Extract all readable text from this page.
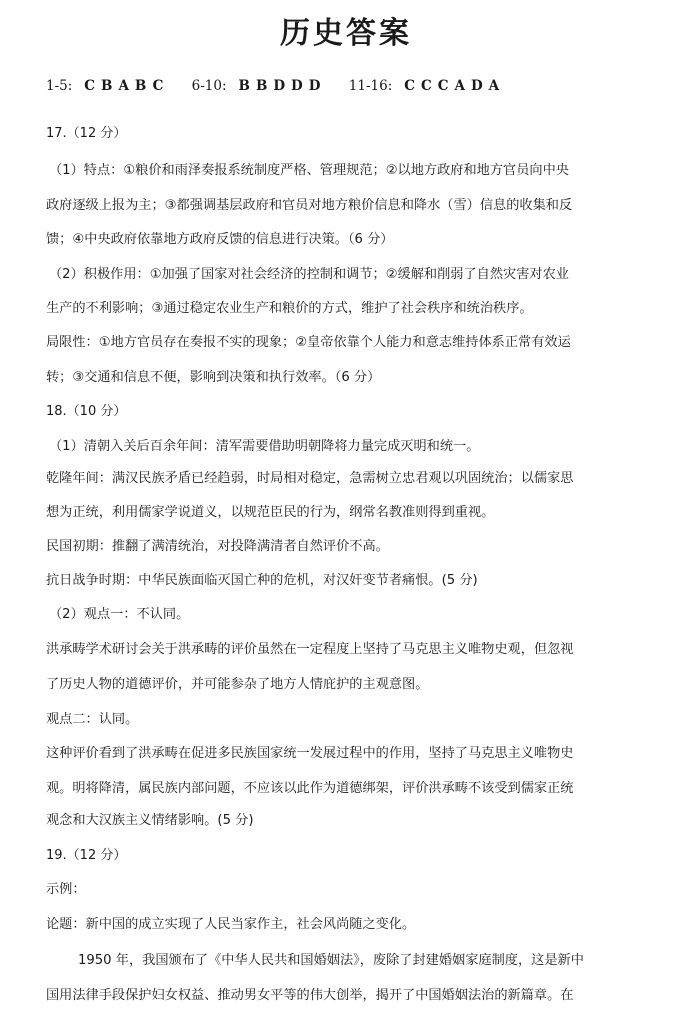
历史答案
1-5: CBABC 6-10: BBDDD 11-16: CCCADA
17.（12 分）
（1）特点：①粮价和雨泽奏报系统制度严格、管理规范；②以地方政府和地方官员向中央
政府逐级上报为主；③都强调基层政府和官员对地方粮价信息和降水（雪）信息的收集和反
馈；④中央政府依靠地方政府反馈的信息进行决策。（6 分）
（2）积极作用：①加强了国家对社会经济的控制和调节；②缓解和削弱了自然灾害对农业
生产的不利影响；③通过稳定农业生产和粮价的方式，维护了社会秩序和统治秩序。
局限性：①地方官员存在奏报不实的现象；②皇帝依靠个人能力和意志维持体系正常有效运
转；③交通和信息不便，影响到决策和执行效率。（6 分）
18.（10 分）
（1）清朝入关后百余年间：清军需要借助明朝降将力量完成灭明和统一。
乾隆年间：满汉民族矛盾已经趋弱，时局相对稳定，急需树立忠君观以巩固统治；以儒家思
想为正统，利用儒家学说道义，以规范臣民的行为，纲常名教准则得到重视。
民国初期：推翻了满清统治，对投降满清者自然评价不高。
抗日战争时期：中华民族面临灭国亡种的危机，对汉奸变节者痛恨。(5 分)
（2）观点一：不认同。
洪承畴学术研讨会关于洪承畴的评价虽然在一定程度上坚持了马克思主义唯物史观，但忽视
了历史人物的道德评价，并可能参杂了地方人情庇护的主观意图。
观点二：认同。
这种评价看到了洪承畴在促进多民族国家统一发展过程中的作用，坚持了马克思主义唯物史
观。明将降清，属民族内部问题，不应该以此作为道德绑架，评价洪承畴不该受到儒家正统
观念和大汉族主义情绪影响。(5 分)
19.（12 分）
示例：
论题：新中国的成立实现了人民当家作主，社会风尚随之变化。
1950 年，我国颁布了《中华人民共和国婚姻法》，废除了封建婚姻家庭制度，这是新中
国用法律手段保护妇女权益、推动男女平等的伟大创举，揭开了中国婚姻法治的新篇章。在
